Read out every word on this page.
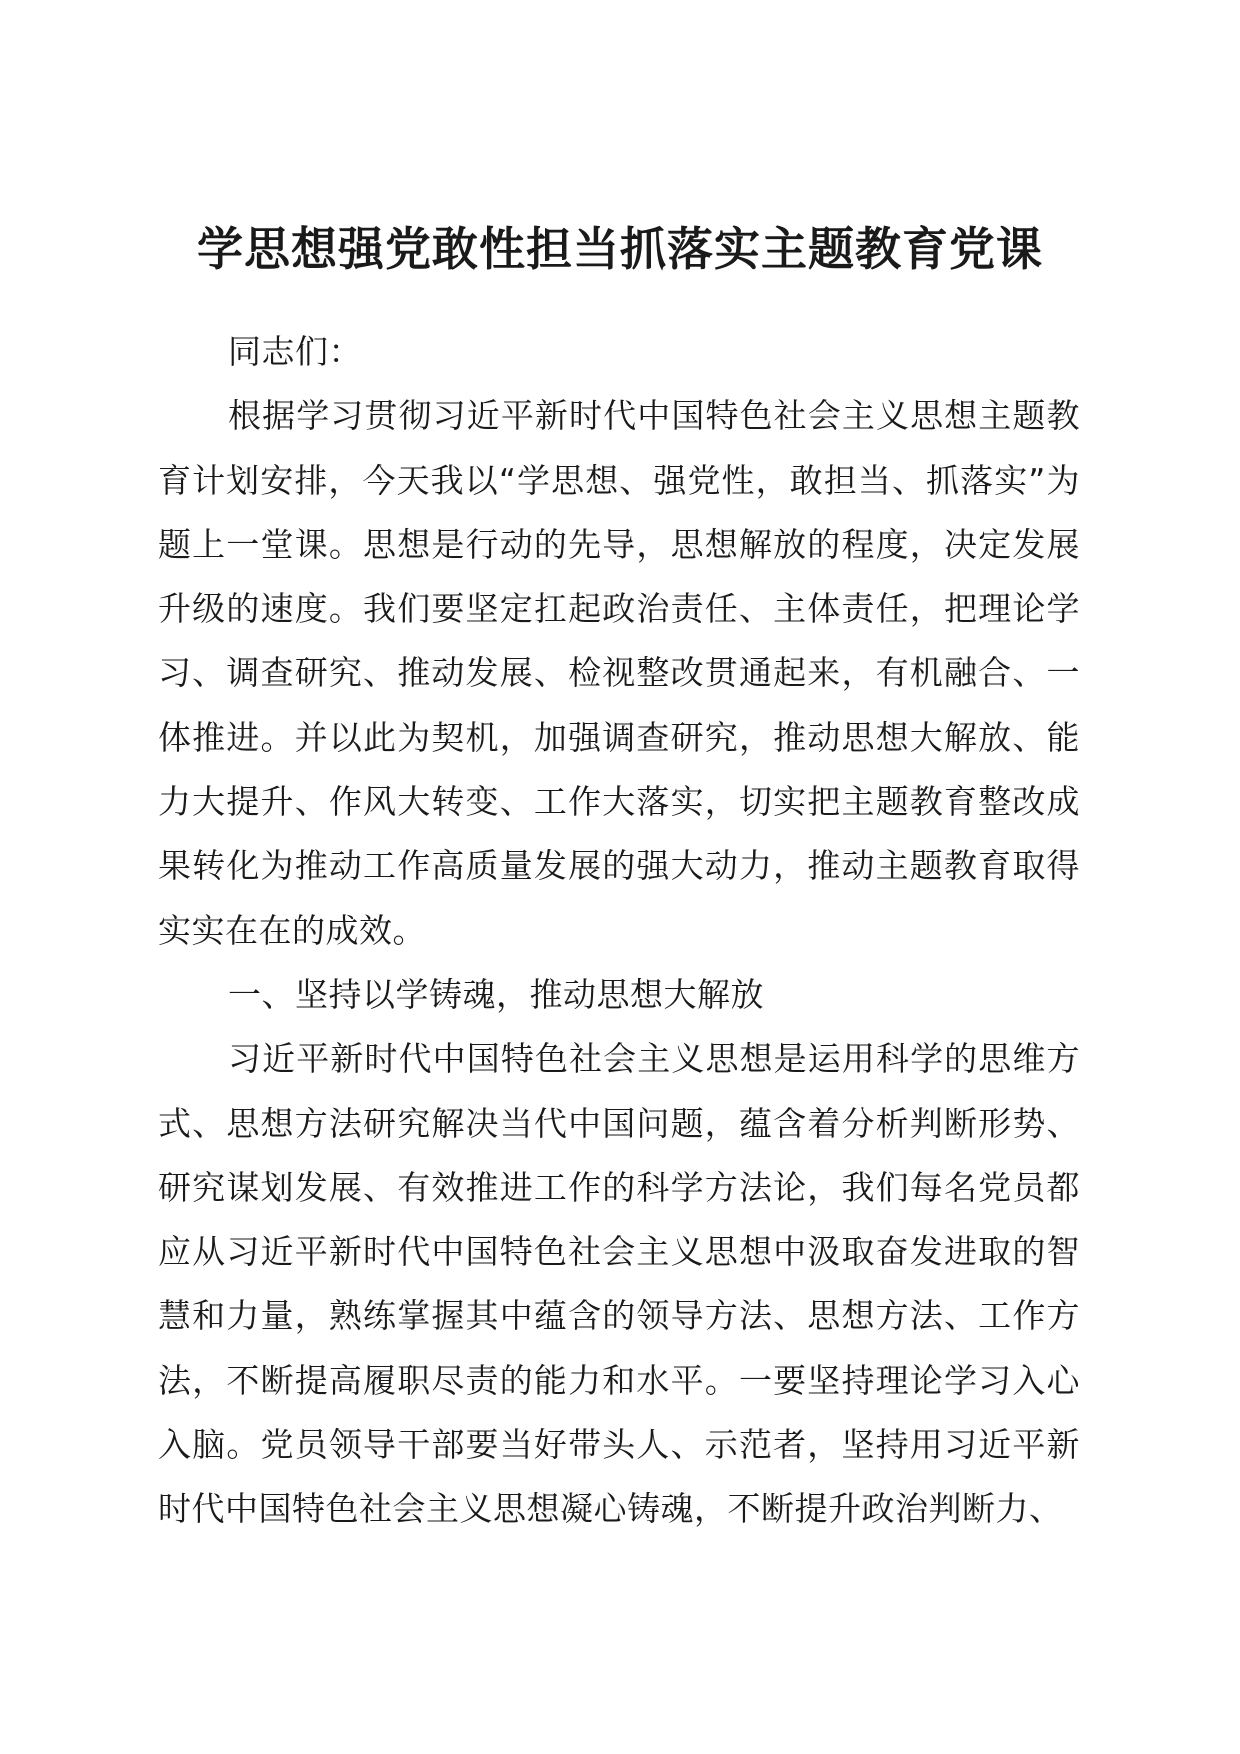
学思想强党敢性担当抓落实主题教育党课

同志们：

根据学习贯彻习近平新时代中国特色社会主义思想主题教育计划安排，今天我以“学思想、强党性，敢担当、抓落实”为题上一堂课。思想是行动的先导，思想解放的程度，决定发展升级的速度。我们要坚定扛起政治责任、主体责任，把理论学习、调查研究、推动发展、检视整改贯通起来，有机融合、一体推进。并以此为契机，加强调查研究，推动思想大解放、能力大提升、作风大转变、工作大落实，切实把主题教育整改成果转化为推动工作高质量发展的强大动力，推动主题教育取得实实在在的成效。

一、坚持以学铸魂，推动思想大解放

习近平新时代中国特色社会主义思想是运用科学的思维方式、思想方法研究解决当代中国问题，蕴含着分析判断形势、研究谋划发展、有效推进工作的科学方法论，我们每名党员都应从习近平新时代中国特色社会主义思想中汲取奋发进取的智慧和力量，熟练掌握其中蕴含的领导方法、思想方法、工作方法，不断提高履职尽责的能力和水平。一要坚持理论学习入心入脑。党员领导干部要当好带头人、示范者，坚持用习近平新时代中国特色社会主义思想凝心铸魂，不断提升政治判断力、
